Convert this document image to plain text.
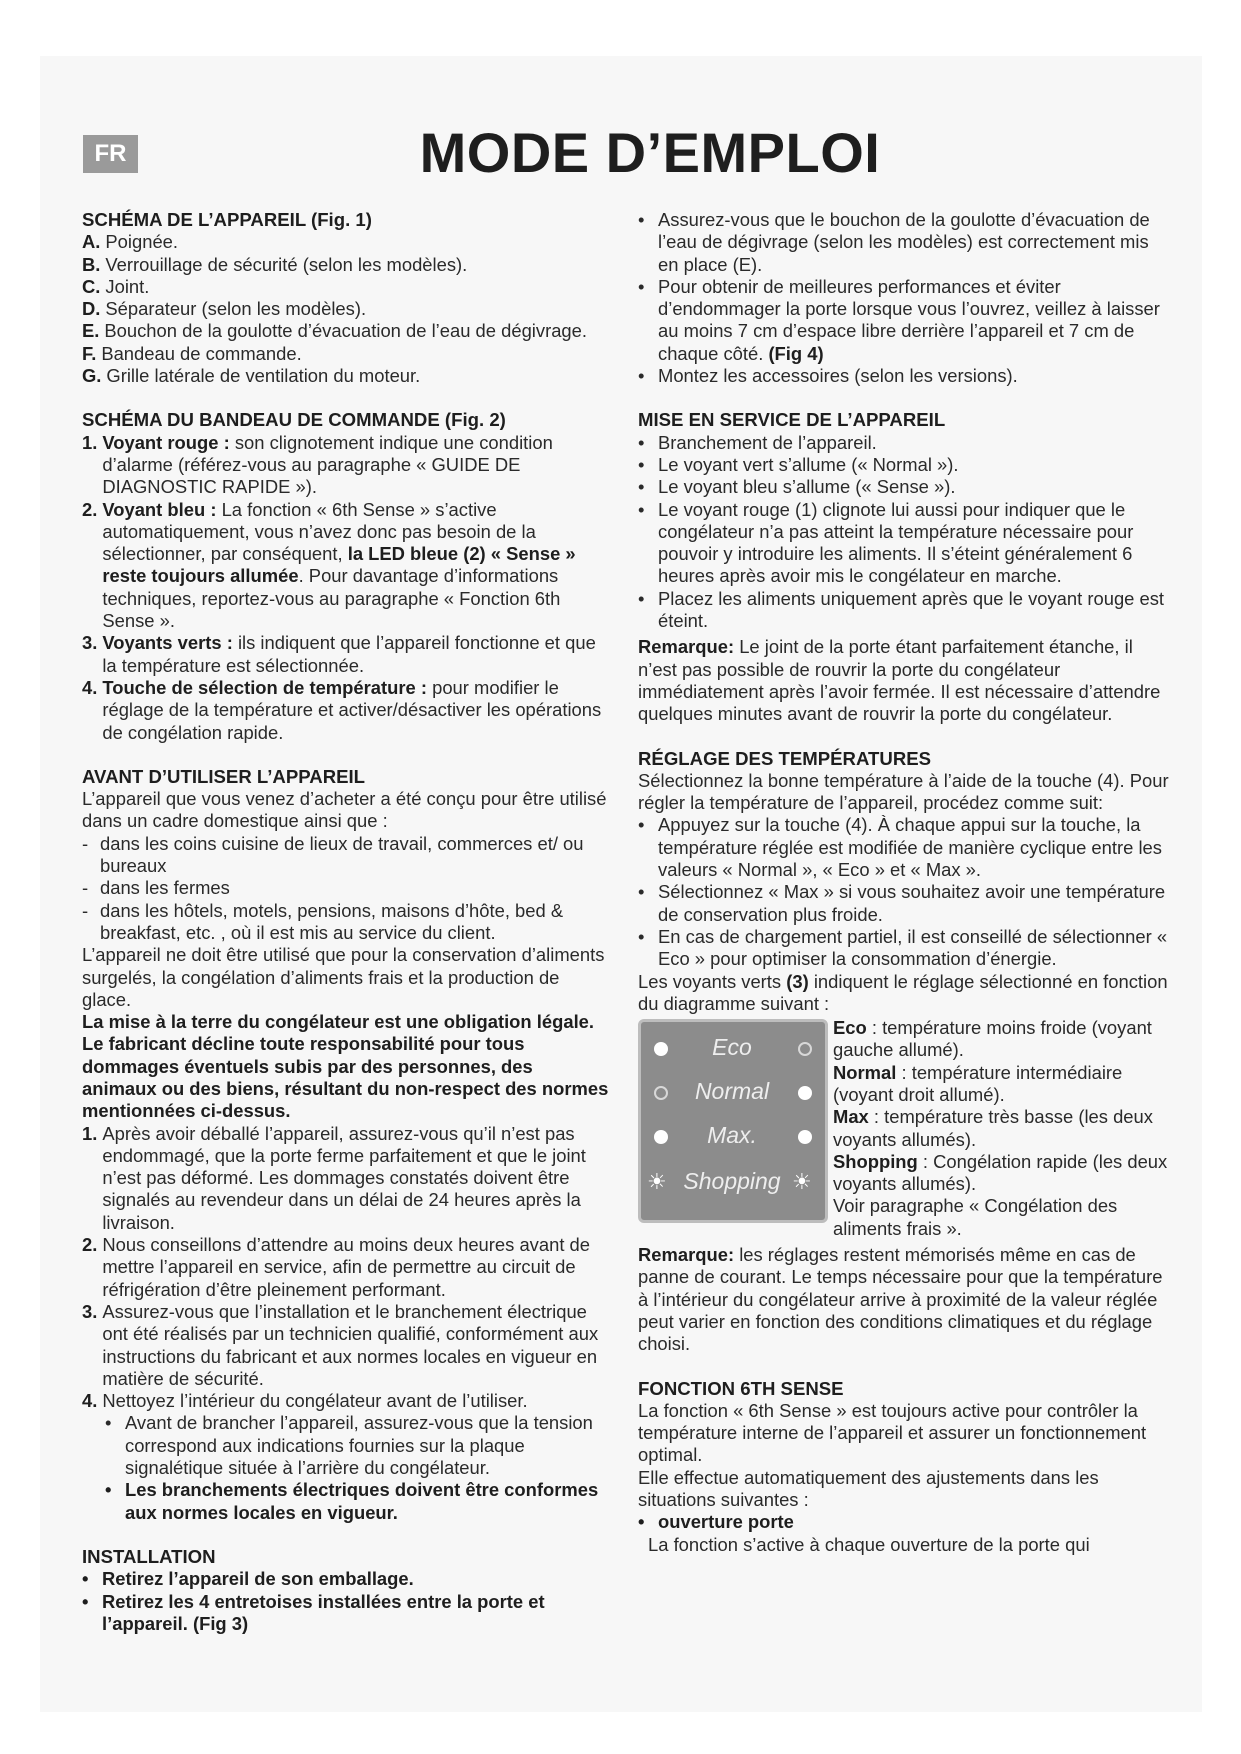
FR	MODE D’EMPLOI
SCHÉMA DE L’APPAREIL (Fig. 1)
A. Poignée.
B. Verrouillage de sécurité (selon les modèles).
C. Joint.
D. Séparateur (selon les modèles).
E. Bouchon de la goulotte d’évacuation de l’eau de dégivrage.
F. Bandeau de commande.
G. Grille latérale de ventilation du moteur.
SCHÉMA DU BANDEAU DE COMMANDE (Fig. 2)
1. Voyant rouge : son clignotement indique une condition d’alarme (référez-vous au paragraphe « GUIDE DE DIAGNOSTIC RAPIDE »).
2. Voyant bleu : La fonction « 6th Sense » s’active automatiquement, vous n’avez donc pas besoin de la sélectionner, par conséquent, la LED bleue (2) « Sense » reste toujours allumée. Pour davantage d’informations techniques, reportez-vous au paragraphe « Fonction 6th Sense ».
3. Voyants verts : ils indiquent que l’appareil fonctionne et que la température est sélectionnée.
4. Touche de sélection de température : pour modifier le réglage de la température et activer/désactiver les opérations de congélation rapide.
AVANT D’UTILISER L’APPAREIL
L’appareil que vous venez d’acheter a été conçu pour être utilisé dans un cadre domestique ainsi que :
- dans les coins cuisine de lieux de travail, commerces et/ ou bureaux
- dans les fermes
- dans les hôtels, motels, pensions, maisons d’hôte, bed & breakfast, etc. , où il est mis au service du client.
L’appareil ne doit être utilisé que pour la conservation d’aliments surgelés, la congélation d’aliments frais et la production de glace.
La mise à la terre du congélateur est une obligation légale. Le fabricant décline toute responsabilité pour tous dommages éventuels subis par des personnes, des animaux ou des biens, résultant du non-respect des normes mentionnées ci-dessus.
1. Après avoir déballé l’appareil, assurez-vous qu’il n’est pas endommagé, que la porte ferme parfaitement et que le joint n’est pas déformé. Les dommages constatés doivent être signalés au revendeur dans un délai de 24 heures après la livraison.
2. Nous conseillons d’attendre au moins deux heures avant de mettre l’appareil en service, afin de permettre au circuit de réfrigération d’être pleinement performant.
3. Assurez-vous que l’installation et le branchement électrique ont été réalisés par un technicien qualifié, conformément aux instructions du fabricant et aux normes locales en vigueur en matière de sécurité.
4. Nettoyez l’intérieur du congélateur avant de l’utiliser.
• Avant de brancher l’appareil, assurez-vous que la tension correspond aux indications fournies sur la plaque signalétique située à l’arrière du congélateur.
• Les branchements électriques doivent être conformes aux normes locales en vigueur.
INSTALLATION
• Retirez l’appareil de son emballage.
• Retirez les 4 entretoises installées entre la porte et l’appareil. (Fig 3)
• Assurez-vous que le bouchon de la goulotte d’évacuation de l’eau de dégivrage (selon les modèles) est correctement mis en place (E).
• Pour obtenir de meilleures performances et éviter d’endommager la porte lorsque vous l’ouvrez, veillez à laisser au moins 7 cm d’espace libre derrière l’appareil et 7 cm de chaque côté. (Fig 4)
• Montez les accessoires (selon les versions).
MISE EN SERVICE DE L’APPAREIL
• Branchement de l’appareil.
• Le voyant vert s’allume (« Normal »).
• Le voyant bleu s’allume (« Sense »).
• Le voyant rouge (1) clignote lui aussi pour indiquer que le congélateur n’a pas atteint la température nécessaire pour pouvoir y introduire les aliments. Il s’éteint généralement 6 heures après avoir mis le congélateur en marche.
• Placez les aliments uniquement après que le voyant rouge est éteint.
Remarque: Le joint de la porte étant parfaitement étanche, il n’est pas possible de rouvrir la porte du congélateur immédiatement après l’avoir fermée. Il est nécessaire d’attendre quelques minutes avant de rouvrir la porte du congélateur.
RÉGLAGE DES TEMPÉRATURES
Sélectionnez la bonne température à l’aide de la touche (4). Pour régler la température de l’appareil, procédez comme suit:
• Appuyez sur la touche (4). À chaque appui sur la touche, la température réglée est modifiée de manière cyclique entre les valeurs « Normal », « Eco » et « Max ».
• Sélectionnez « Max » si vous souhaitez avoir une température de conservation plus froide.
• En cas de chargement partiel, il est conseillé de sélectionner « Eco » pour optimiser la consommation d’énergie.
Les voyants verts (3) indiquent le réglage sélectionné en fonction du diagramme suivant :
Eco
Normal
Max.
☀ Shopping ☀
Eco : température moins froide (voyant gauche allumé).
Normal : température intermédiaire (voyant droit allumé).
Max : température très basse (les deux voyants allumés).
Shopping : Congélation rapide (les deux voyants allumés).
Voir paragraphe « Congélation des aliments frais ».
Remarque: les réglages restent mémorisés même en cas de panne de courant. Le temps nécessaire pour que la température à l’intérieur du congélateur arrive à proximité de la valeur réglée peut varier en fonction des conditions climatiques et du réglage choisi.
FONCTION 6TH SENSE
La fonction « 6th Sense » est toujours active pour contrôler la température interne de l’appareil et assurer un fonctionnement optimal.
Elle effectue automatiquement des ajustements dans les situations suivantes :
• ouverture porte
La fonction s’active à chaque ouverture de la porte qui
